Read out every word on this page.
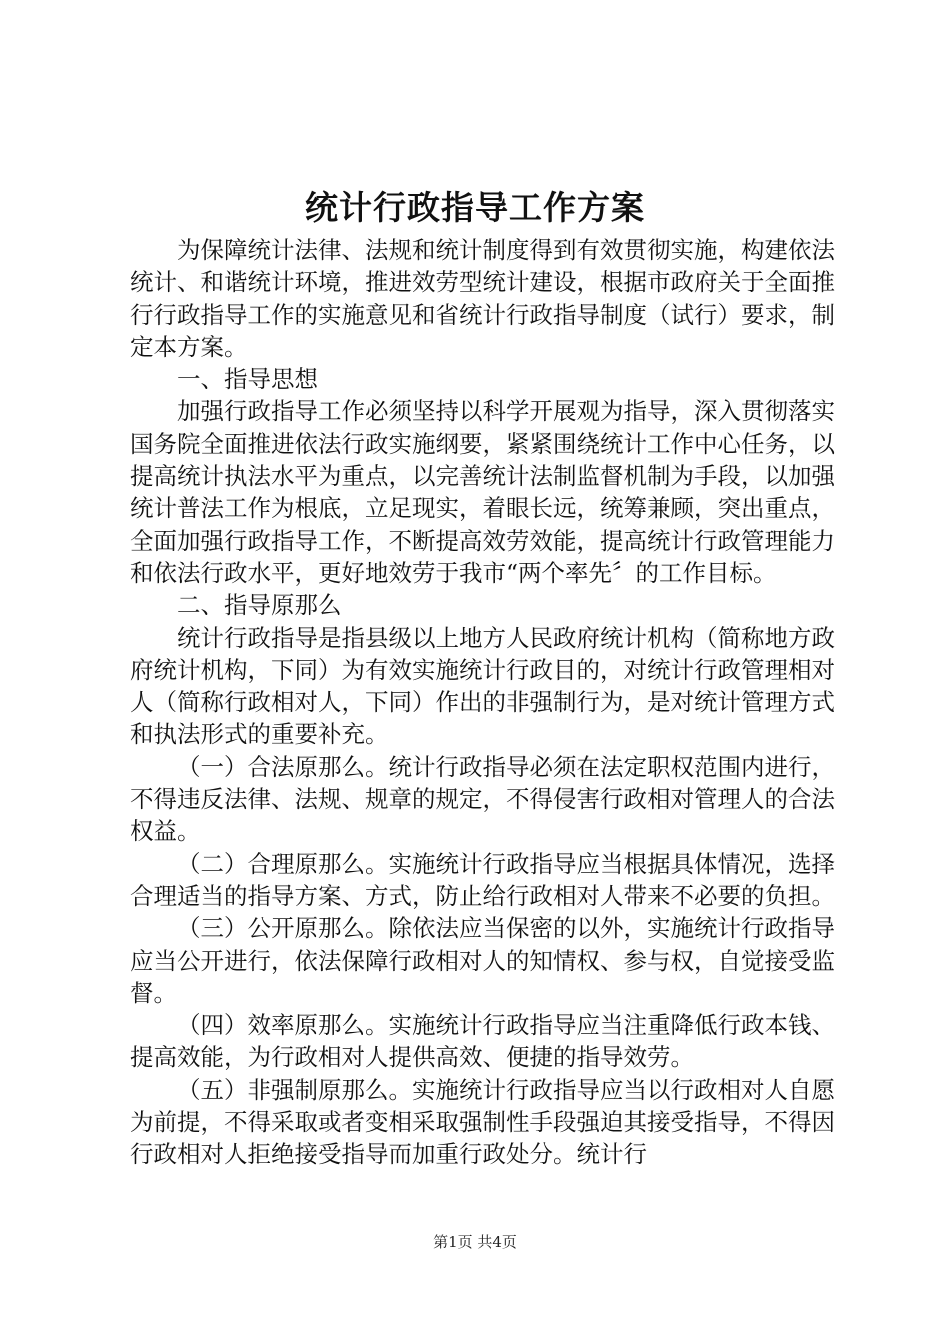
统计行政指导工作方案

为保障统计法律、法规和统计制度得到有效贯彻实施，构建依法统计、和谐统计环境，推进效劳型统计建设，根据市政府关于全面推行行政指导工作的实施意见和省统计行政指导制度（试行）要求，制定本方案。

一、指导思想

加强行政指导工作必须坚持以科学开展观为指导，深入贯彻落实国务院全面推进依法行政实施纲要，紧紧围绕统计工作中心任务，以提高统计执法水平为重点，以完善统计法制监督机制为手段，以加强统计普法工作为根底，立足现实，着眼长远，统筹兼顾，突出重点，全面加强行政指导工作，不断提高效劳效能，提高统计行政管理能力和依法行政水平，更好地效劳于我市“两个率先〞的工作目标。

二、指导原那么

统计行政指导是指县级以上地方人民政府统计机构（简称地方政府统计机构，下同）为有效实施统计行政目的，对统计行政管理相对人（简称行政相对人，下同）作出的非强制行为，是对统计管理方式和执法形式的重要补充。

（一）合法原那么。统计行政指导必须在法定职权范围内进行，不得违反法律、法规、规章的规定，不得侵害行政相对管理人的合法权益。

（二）合理原那么。实施统计行政指导应当根据具体情况，选择合理适当的指导方案、方式，防止给行政相对人带来不必要的负担。

（三）公开原那么。除依法应当保密的以外，实施统计行政指导应当公开进行，依法保障行政相对人的知情权、参与权，自觉接受监督。

（四）效率原那么。实施统计行政指导应当注重降低行政本钱、提高效能，为行政相对人提供高效、便捷的指导效劳。

（五）非强制原那么。实施统计行政指导应当以行政相对人自愿为前提，不得采取或者变相采取强制性手段强迫其接受指导，不得因行政相对人拒绝接受指导而加重行政处分。统计行

第1页 共4页
